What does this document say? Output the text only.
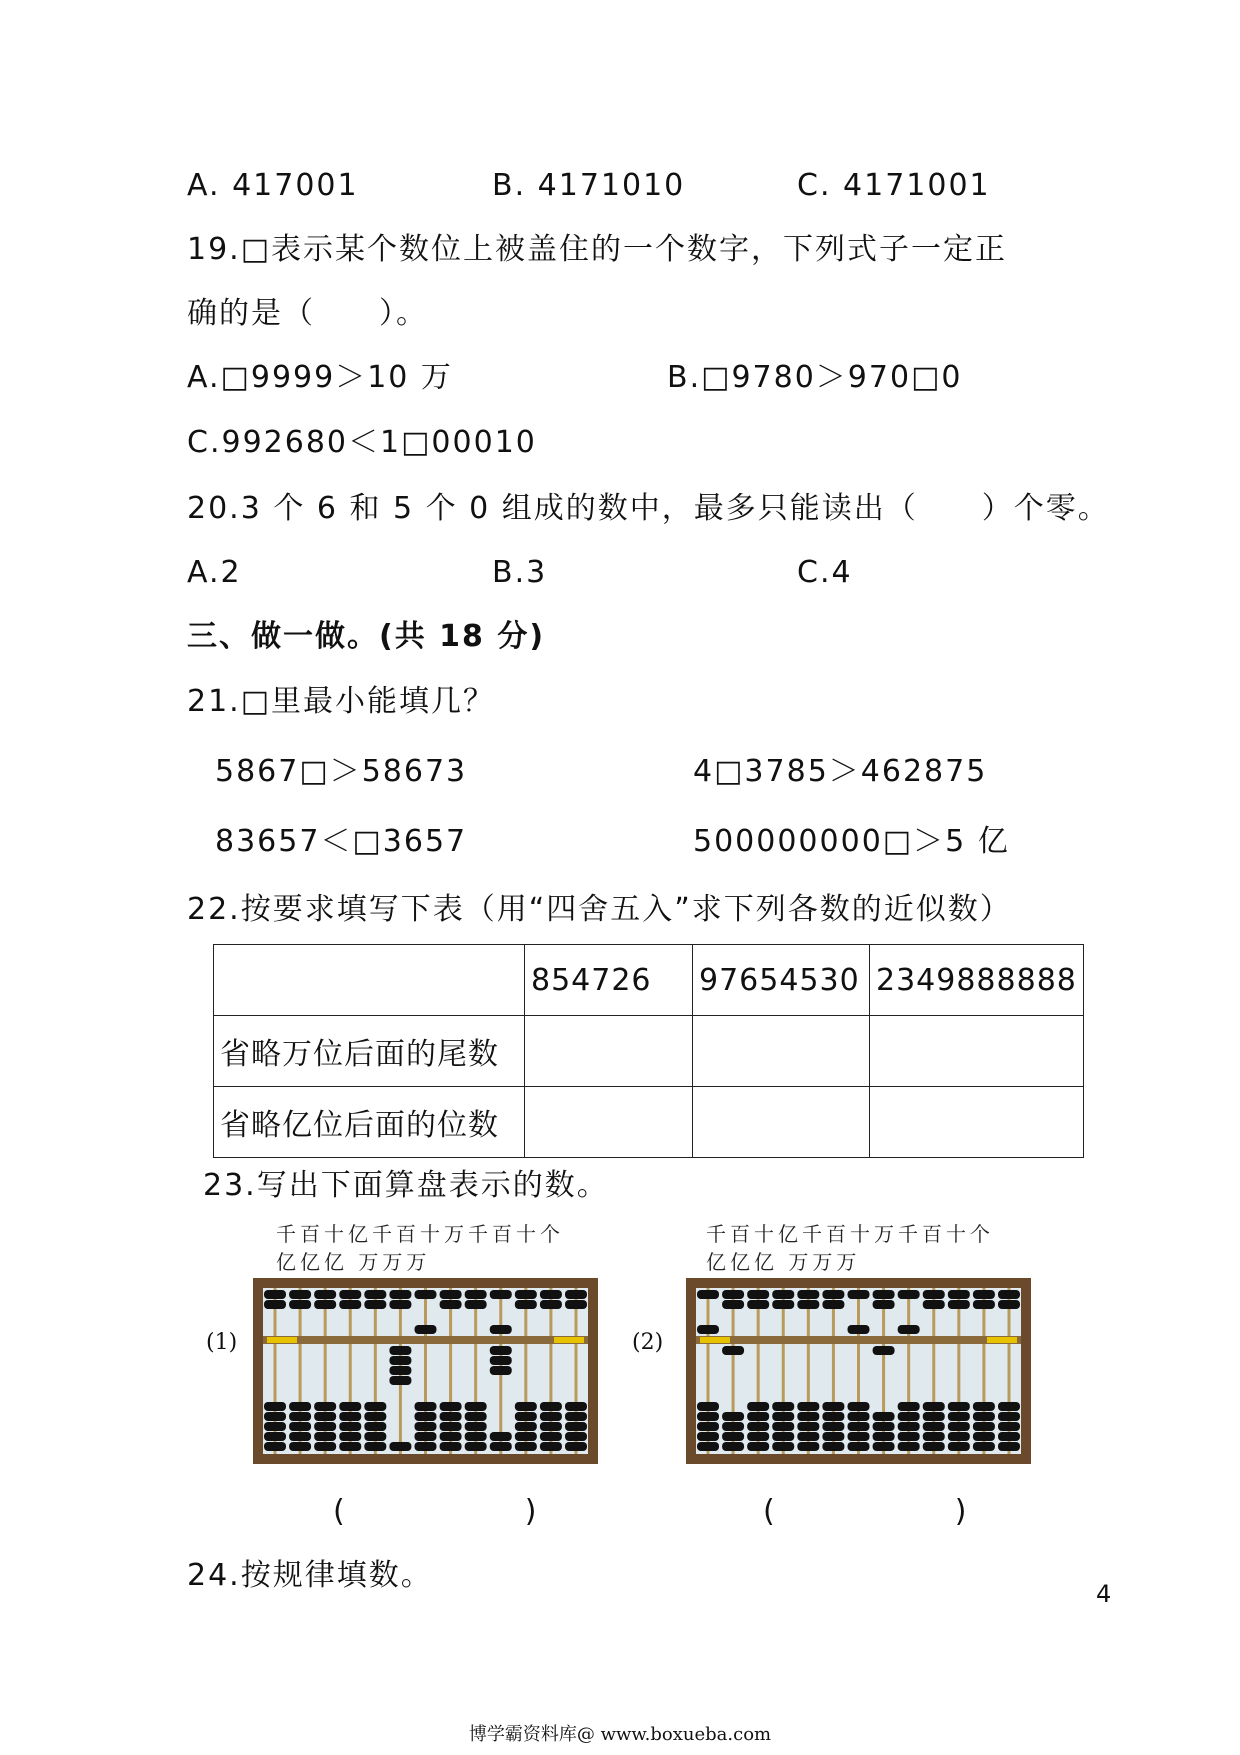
A. 417001	B. 4171010	C. 4171001
19.□表示某个数位上被盖住的一个数字，下列式子一定正
确的是（　　）。
A.□9999＞10 万	B.□9780＞970□0
C.992680＜1□00010
20.3 个 6 和 5 个 0 组成的数中，最多只能读出（　　）个零。
A.2	C.4
B.3
三、做一做。(共 18 分)
21.□里最小能填几？
5867□＞58673	4□3785＞462875
83657＜□3657	500000000□＞5 亿
22.按要求填写下表（用“四舍五入”求下列各数的近似数）
	854726	97654530	2349888888
省略万位后面的尾数			
省略亿位后面的位数			
23.写出下面算盘表示的数。
千百十亿千百十万千百十个
亿亿亿 万万万
千百十亿千百十万千百十个
亿亿亿 万万万
(1)	(2)
(　　　　　　)	(　　　　　　)
24.按规律填数。
4
博学霸资料库@ www.boxueba.com
